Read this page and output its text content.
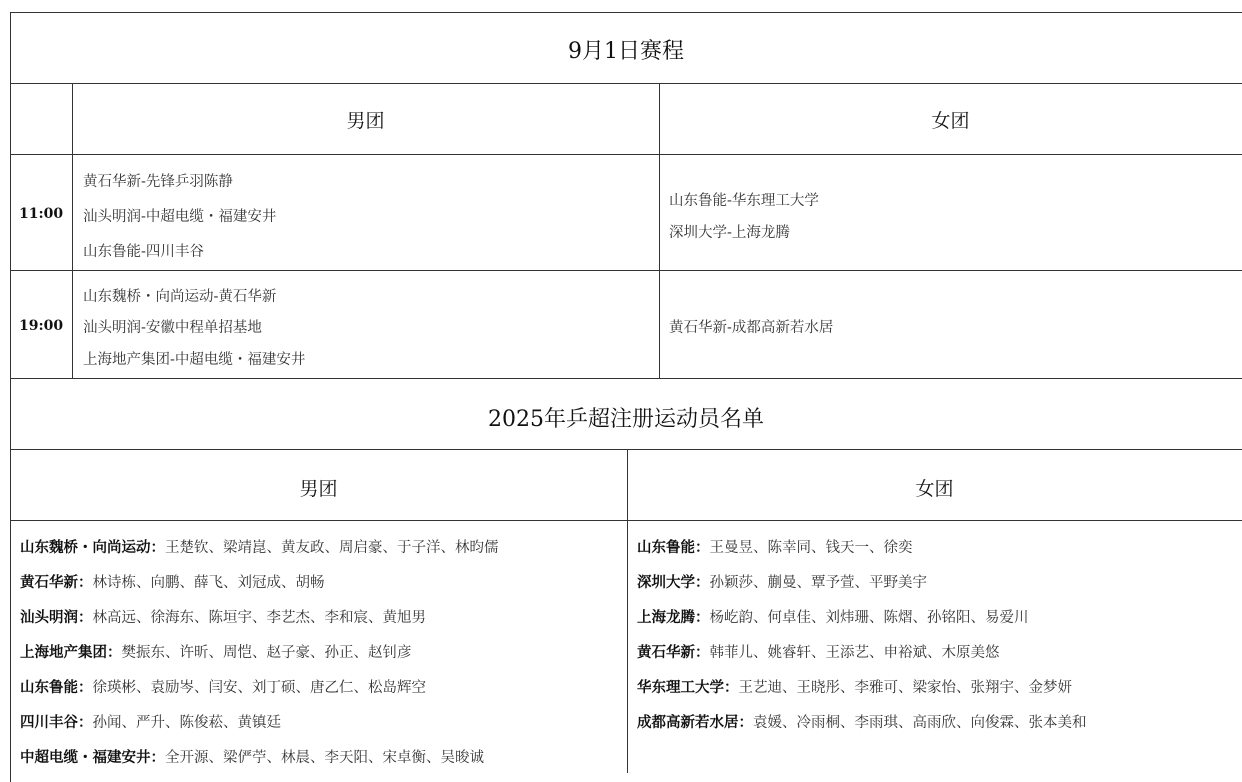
9月1日赛程
男团	女团
11:00
黄石华新-先锋乒羽陈静
汕头明润-中超电缆・福建安井
山东鲁能-四川丰谷
山东鲁能-华东理工大学
深圳大学-上海龙腾
19:00
山东魏桥・向尚运动-黄石华新
汕头明润-安徽中程单招基地
上海地产集团-中超电缆・福建安井
黄石华新-成都高新若水居
2025年乒超注册运动员名单
男团	女团
山东魏桥・向尚运动：王楚钦、梁靖崑、黄友政、周启豪、于子洋、林昀儒
黄石华新：林诗栋、向鹏、薛飞、刘冠成、胡畅
汕头明润：林高远、徐海东、陈垣宇、李艺杰、李和宸、黄旭男
上海地产集团：樊振东、许昕、周恺、赵子豪、孙正、赵钊彦
山东鲁能：徐瑛彬、袁励岑、闫安、刘丁硕、唐乙仁、松岛辉空
四川丰谷：孙闻、严升、陈俊菘、黄镇廷
中超电缆・福建安井：全开源、梁俨苧、林晨、李天阳、宋卓衡、吴晙诚
山东鲁能：王曼昱、陈幸同、钱天一、徐奕
深圳大学：孙颖莎、蒯曼、覃予萱、平野美宇
上海龙腾：杨屹韵、何卓佳、刘炜珊、陈熠、孙铭阳、易爱川
黄石华新：韩菲儿、姚睿轩、王添艺、申裕斌、木原美悠
华东理工大学：王艺迪、王晓彤、李雅可、梁家怡、张翔宇、金梦妍
成都高新若水居：袁媛、冷雨桐、李雨琪、高雨欣、向俊霖、张本美和
